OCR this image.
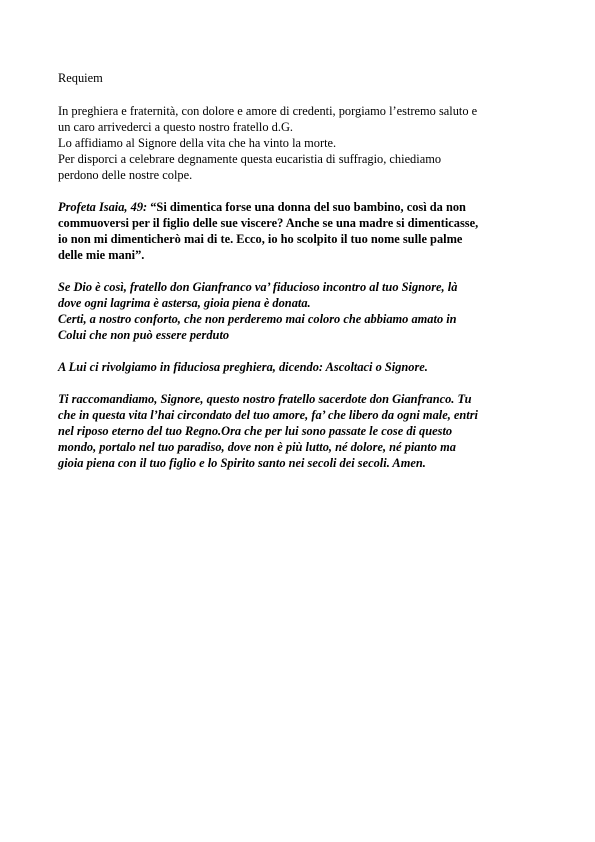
Requiem
In preghiera e fraternità, con dolore e amore di credenti, porgiamo l’estremo saluto e
un caro arrivederci a questo nostro fratello d.G.
Lo affidiamo al Signore della vita che ha vinto la morte.
Per disporci a celebrare degnamente questa eucaristia di suffragio, chiediamo
perdono delle nostre colpe.
Profeta Isaia, 49: “Si dimentica forse una donna del suo bambino, così da non
commuoversi per il figlio delle sue viscere? Anche se una madre si dimenticasse,
io non mi dimenticherò mai di te. Ecco, io ho scolpito il tuo nome sulle palme
delle mie mani”.
Se Dio è così, fratello don Gianfranco va’ fiducioso incontro al tuo Signore, là
dove ogni lagrima è astersa, gioia piena è donata.
Certi, a nostro conforto, che non perderemo mai coloro che abbiamo amato in
Colui che non può essere perduto
A Lui ci rivolgiamo in fiduciosa preghiera, dicendo: Ascoltaci o Signore.
Ti raccomandiamo, Signore, questo nostro fratello sacerdote don Gianfranco. Tu
che in questa vita l’hai circondato del tuo amore, fa’ che libero da ogni male, entri
nel riposo eterno del tuo Regno.Ora che per lui sono passate le cose di questo
mondo, portalo nel tuo paradiso, dove non è più lutto, né dolore, né pianto ma
gioia piena con il tuo figlio e lo Spirito santo nei secoli dei secoli. Amen.
